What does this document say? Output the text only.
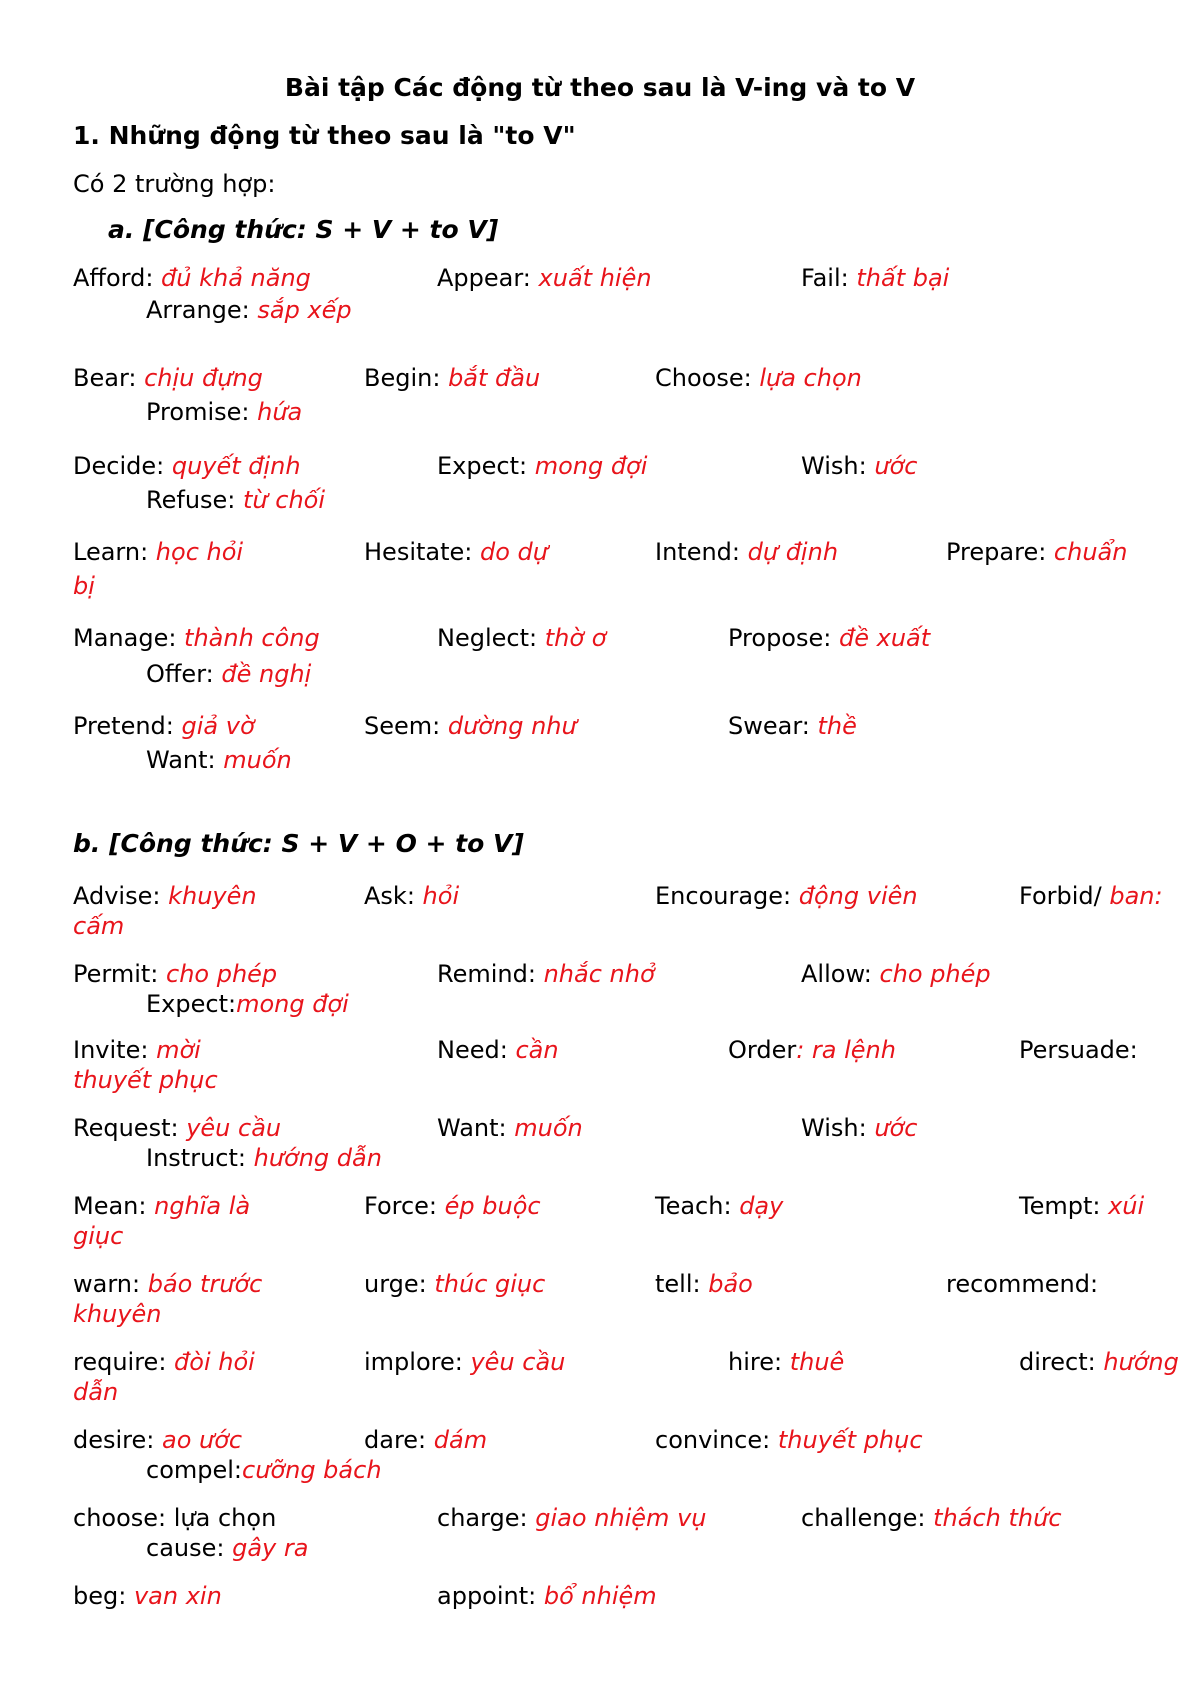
Bài tập Các động từ theo sau là V-ing và to V
1. Những động từ theo sau là "to V"
Có 2 trường hợp:
a. [Công thức: S + V + to V]
Afford: đủ khả năng	Appear: xuất hiện	Fail: thất bại
Arrange: sắp xếp
Bear: chịu đựng	Begin: bắt đầu	Choose: lựa chọn
Promise: hứa
Decide: quyết định	Expect: mong đợi	Wish: ước
Refuse: từ chối
Learn: học hỏi	Hesitate: do dự	Intend: dự định	Prepare: chuẩn
bị
Manage: thành công	Neglect: thờ ơ	Propose: đề xuất
Offer: đề nghị
Pretend: giả vờ	Seem: dường như	Swear: thề
Want: muốn
b. [Công thức: S + V + O + to V]
Advise: khuyên	Ask: hỏi	Encourage: động viên	Forbid/ ban:
cấm
Permit: cho phép	Remind: nhắc nhở	Allow: cho phép
Expect:mong đợi
Invite: mời	Need: cần	Order: ra lệnh	Persuade:
thuyết phục
Request: yêu cầu	Want: muốn	Wish: ước
Instruct: hướng dẫn
Mean: nghĩa là	Force: ép buộc	Teach: dạy	Tempt: xúi
giục
warn: báo trước	urge: thúc giục	tell: bảo	recommend:
khuyên
require: đòi hỏi	implore: yêu cầu	hire: thuê	direct: hướng
dẫn
desire: ao ước	dare: dám	convince: thuyết phục
compel:cưỡng bách
choose: lựa chọn	charge: giao nhiệm vụ	challenge: thách thức
cause: gây ra
beg: van xin	appoint: bổ nhiệm
